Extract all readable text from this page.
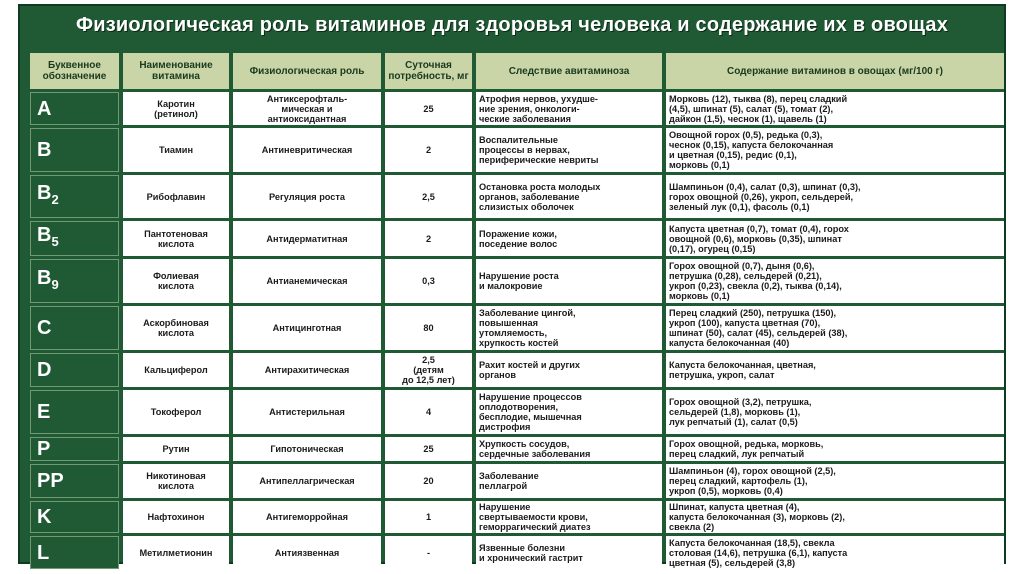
Физиологическая роль витаминов для здоровья человека и содержание их в овощах
Буквенное обозначение	Наименование витамина	Физиологическая роль	Суточная потребность, мг	Следствие авитаминоза	Содержание витаминов в овощах (мг/100 г)

A	Каротин
(ретинол)	Антиксерофталь-
мическая и
антиоксидантная	25	Атрофия нервов, ухудше-
ние зрения, онкологи-
ческие заболевания	Морковь (12), тыква (8), перец сладкий
(4,5), шпинат (5), салат (5), томат (2),
дайкон (1,5), чеснок (1), щавель (1)

B	Тиамин	Антиневритическая	2	Воспалительные
процессы в нервах,
периферические невриты	Овощной горох (0,5), редька (0,3),
чеснок (0,15), капуста белокочанная
и цветная (0,15), редис (0,1),
морковь (0,1)

$B_2$	Рибофлавин	Регуляция роста	2,5	Остановка роста молодых
органов, заболевание
слизистых оболочек	Шампиньон (0,4), салат (0,3), шпинат (0,3),
горох овощной (0,26), укроп, сельдерей,
зеленый лук (0,1), фасоль (0,1)

$B_5$	Пантотеновая
кислота	Антидерматитная	2	Поражение кожи,
поседение волос	Капуста цветная (0,7), томат (0,4), горох
овощной (0,6), морковь (0,35), шпинат
(0,17), огурец (0,15)

$B_9$	Фолиевая
кислота	Антианемическая	0,3	Нарушение роста
и малокровие	Горох овощной (0,7), дыня (0,6),
петрушка (0,28), сельдерей (0,21),
укроп (0,23), свекла (0,2), тыква (0,14),
морковь (0,1)

C	Аскорбиновая
кислота	Антицинготная	80	Заболевание цингой,
повышенная
утомляемость,
хрупкость костей	Перец сладкий (250), петрушка (150),
укроп (100), капуста цветная (70),
шпинат (50), салат (45), сельдерей (38),
капуста белокочанная (40)

D	Кальциферол	Антирахитическая	2,5
(детям
до 12,5 лет)	Рахит костей и других
органов	Капуста белокочанная, цветная,
петрушка, укроп, салат

E	Токоферол	Антистерильная	4	Нарушение процессов
оплодотворения,
бесплодие, мышечная
дистрофия	Горох овощной (3,2), петрушка,
сельдерей (1,8), морковь (1),
лук репчатый (1), салат (0,5)

P	Рутин	Гипотоническая	25	Хрупкость сосудов,
сердечные заболевания	Горох овощной, редька, морковь,
перец сладкий, лук репчатый

PP	Никотиновая
кислота	Антипеллагрическая	20	Заболевание
пеллагрой	Шампиньон (4), горох овощной (2,5),
перец сладкий, картофель (1),
укроп (0,5), морковь (0,4)

K	Нафтохинон	Антигеморройная	1	Нарушение
свертываемости крови,
геморрагический диатез	Шпинат, капуста цветная (4),
капуста белокочанная (3), морковь (2),
свекла (2)

L	Метилметионин	Антиязвенная	-	Язвенные болезни
и хронический гастрит	Капуста белокочанная (18,5), свекла
столовая (14,6), петрушка (6,1), капуста
цветная (5), сельдерей (3,8)
